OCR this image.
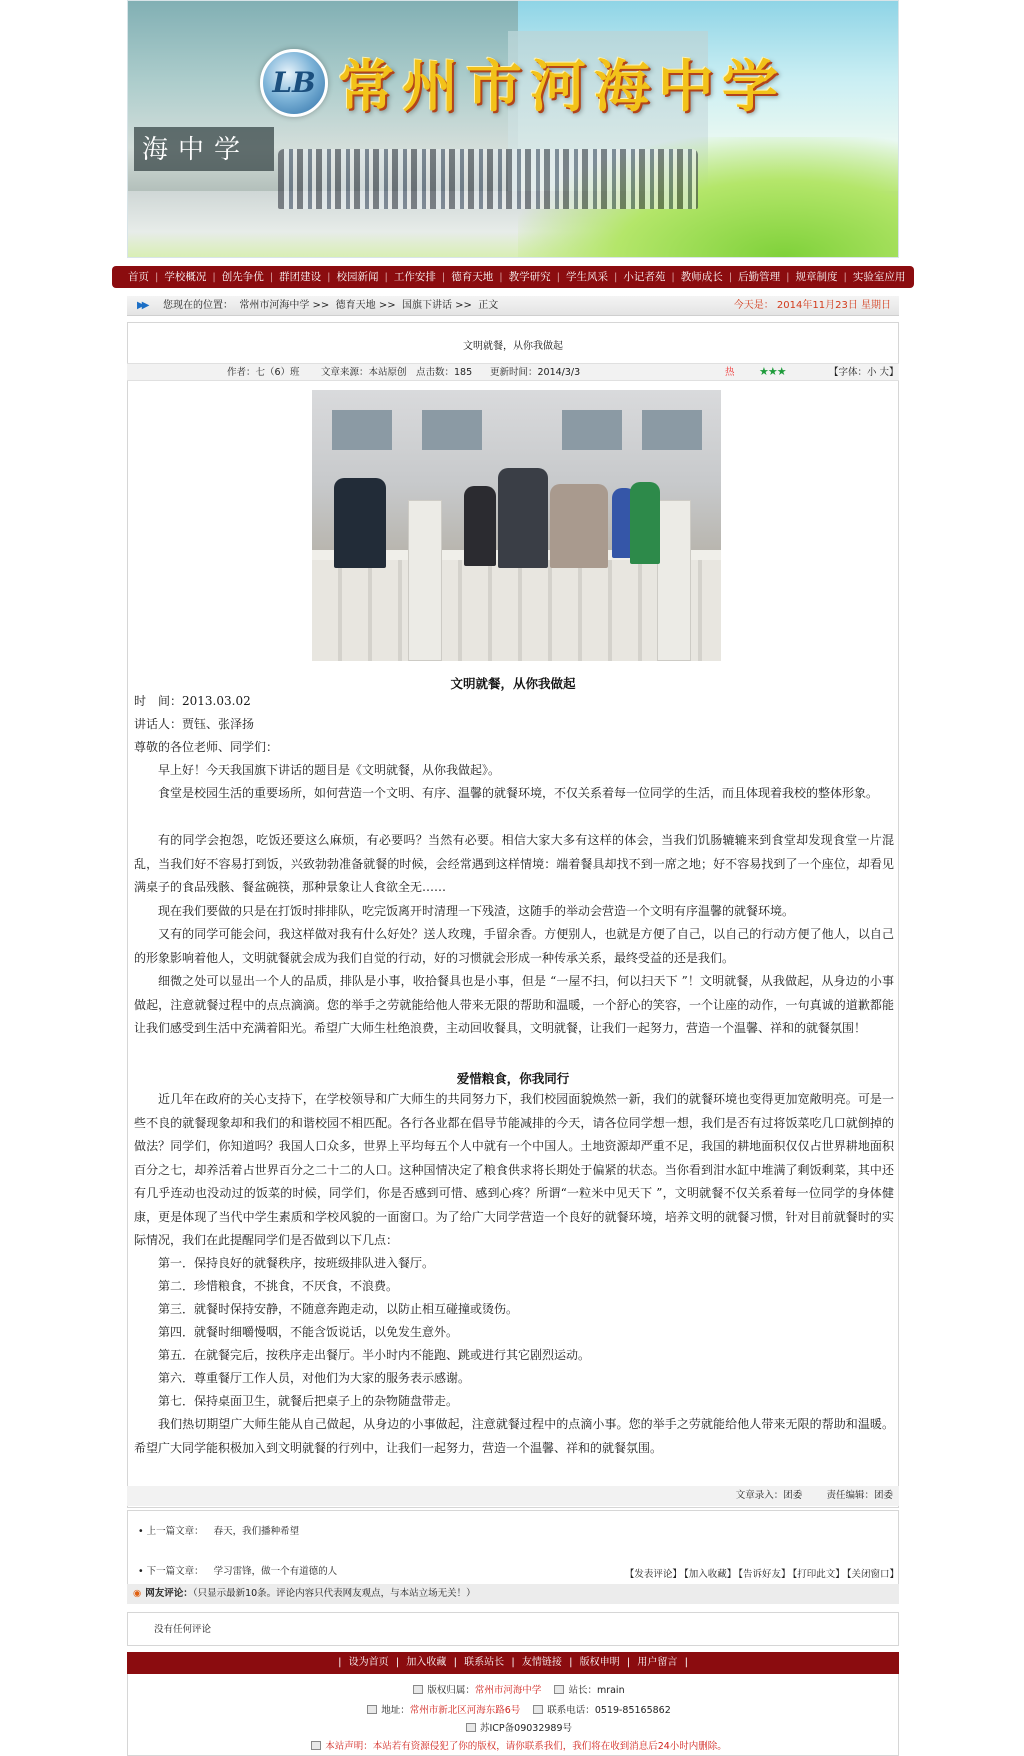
海中学
LB 常州市河海中学
首页 | 学校概况 | 创先争优 | 群团建设 | 校园新闻 | 工作安排 | 德育天地 | 教学研究 | 学生风采 | 小记者苑 | 教师成长 | 后勤管理 | 规章制度 | 实验室应用
▶▶ 您现在的位置： 常州市河海中学 >>  德育天地 >>  国旗下讲话 >>  正文	今天是： 2014年11月23日 星期日
文明就餐，从你我做起
作者：七（6）班 文章来源：本站原创 点击数：185 更新时间：2014/3/3	热 ★★★	【字体：小 大】
文明就餐，从你我做起
时　间：2013.03.02
讲话人：贾钰、张泽扬
尊敬的各位老师、同学们：
早上好！今天我国旗下讲话的题目是《文明就餐，从你我做起》。
食堂是校园生活的重要场所，如何营造一个文明、有序、温馨的就餐环境，不仅关系着每一位同学的生活，而且体现着我校的整体形象。
有的同学会抱怨，吃饭还要这么麻烦，有必要吗？当然有必要。相信大家大多有这样的体会，当我们饥肠辘辘来到食堂却发现食堂一片混乱，当我们好不容易打到饭，兴致勃勃准备就餐的时候，会经常遇到这样情境：端着餐具却找不到一席之地；好不容易找到了一个座位，却看见满桌子的食品残骸、餐盆碗筷，那种景象让人食欲全无……
现在我们要做的只是在打饭时排排队，吃完饭离开时清理一下残渣，这随手的举动会营造一个文明有序温馨的就餐环境。
又有的同学可能会问，我这样做对我有什么好处？送人玫瑰，手留余香。方便别人，也就是方便了自己，以自己的行动方便了他人，以自己的形象影响着他人，文明就餐就会成为我们自觉的行动，好的习惯就会形成一种传承关系，最终受益的还是我们。
细微之处可以显出一个人的品质，排队是小事，收拾餐具也是小事，但是 “一屋不扫，何以扫天下 ”！文明就餐，从我做起，从身边的小事做起，注意就餐过程中的点点滴滴。您的举手之劳就能给他人带来无限的帮助和温暖，一个舒心的笑容，一个让座的动作，一句真诚的道歉都能让我们感受到生活中充满着阳光。希望广大师生杜绝浪费，主动回收餐具，文明就餐，让我们一起努力，营造一个温馨、祥和的就餐氛围！
爱惜粮食，你我同行
近几年在政府的关心支持下，在学校领导和广大师生的共同努力下，我们校园面貌焕然一新，我们的就餐环境也变得更加宽敞明亮。可是一些不良的就餐现象却和我们的和谐校园不相匹配。各行各业都在倡导节能减排的今天，请各位同学想一想，我们是否有过将饭菜吃几口就倒掉的做法？同学们，你知道吗？我国人口众多，世界上平均每五个人中就有一个中国人。土地资源却严重不足，我国的耕地面积仅仅占世界耕地面积百分之七，却养活着占世界百分之二十二的人口。这种国情决定了粮食供求将长期处于偏紧的状态。当你看到泔水缸中堆满了剩饭剩菜，其中还有几乎连动也没动过的饭菜的时候，同学们，你是否感到可惜、感到心疼？所谓“一粒米中见天下 ”，文明就餐不仅关系着每一位同学的身体健康，更是体现了当代中学生素质和学校风貌的一面窗口。为了给广大同学营造一个良好的就餐环境，培养文明的就餐习惯，针对目前就餐时的实际情况，我们在此提醒同学们是否做到以下几点：
第一．保持良好的就餐秩序，按班级排队进入餐厅。
第二．珍惜粮食，不挑食，不厌食，不浪费。
第三．就餐时保持安静，不随意奔跑走动，以防止相互碰撞或烫伤。
第四．就餐时细嚼慢咽，不能含饭说话，以免发生意外。
第五．在就餐完后，按秩序走出餐厅。半小时内不能跑、跳或进行其它剧烈运动。
第六．尊重餐厅工作人员，对他们为大家的服务表示感谢。
第七．保持桌面卫生，就餐后把桌子上的杂物随盘带走。
我们热切期望广大师生能从自己做起，从身边的小事做起，注意就餐过程中的点滴小事。您的举手之劳就能给他人带来无限的帮助和温暖。希望广大同学能积极加入到文明就餐的行列中，让我们一起努力，营造一个温馨、祥和的就餐氛围。
文章录入：团委	责任编辑：团委
• 上一篇文章： 春天，我们播种希望
• 下一篇文章： 学习雷锋，做一个有道德的人	【发表评论】 【加入收藏】 【告诉好友】 【打印此文】 【关闭窗口】
◉ 网友评论：（只显示最新10条。评论内容只代表网友观点，与本站立场无关！）
没有任何评论
| 设为首页 | 加入收藏 | 联系站长 | 友情链接 | 版权申明 | 用户留言 |
版权归属：常州市河海中学	站长：mrain
地址：常州市新北区河海东路6号	联系电话：0519-85165862
苏ICP备09032989号
本站声明：本站若有资源侵犯了你的版权，请你联系我们，我们将在收到消息后24小时内删除。
